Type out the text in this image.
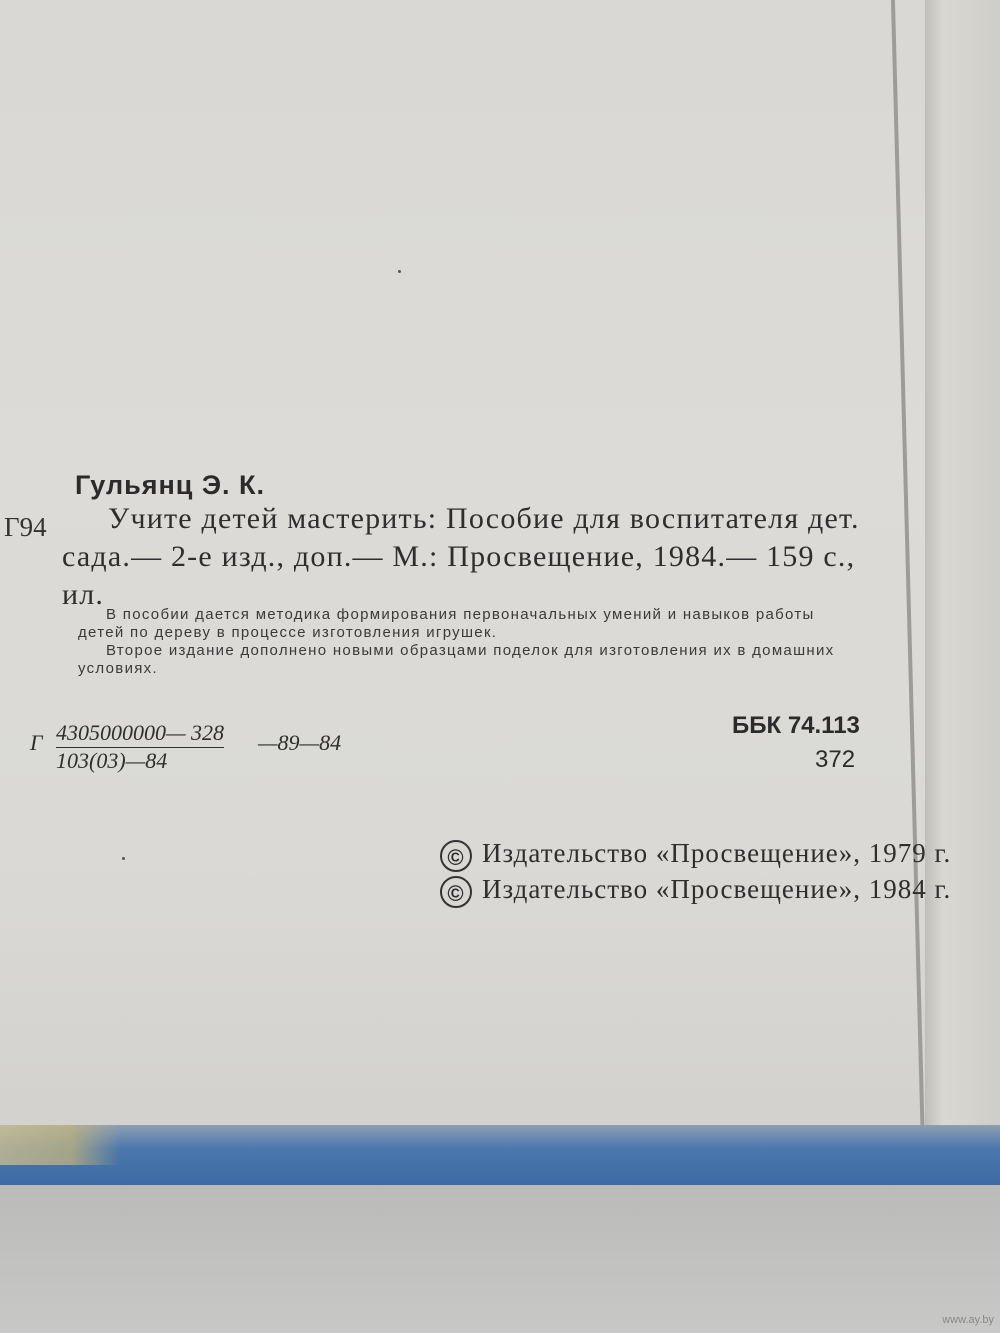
Гульянц Э. К.
Г94 Учите детей мастерить: Пособие для воспитателя дет.
сада.— 2-е изд., доп.— М.: Просвещение, 1984.— 159 с.,
ил.
В пособии дается методика формирования первоначальных умений и навыков работы
детей по дереву в процессе изготовления игрушек.
Второе издание дополнено новыми образцами поделок для изготовления их в домашних
условиях.
Г $\frac{4305000000— 328}{103(03)—84}$ —89—84
ББК 74.113
372
© Издательство «Просвещение», 1979 г.
© Издательство «Просвещение», 1984 г.
www.ay.by
